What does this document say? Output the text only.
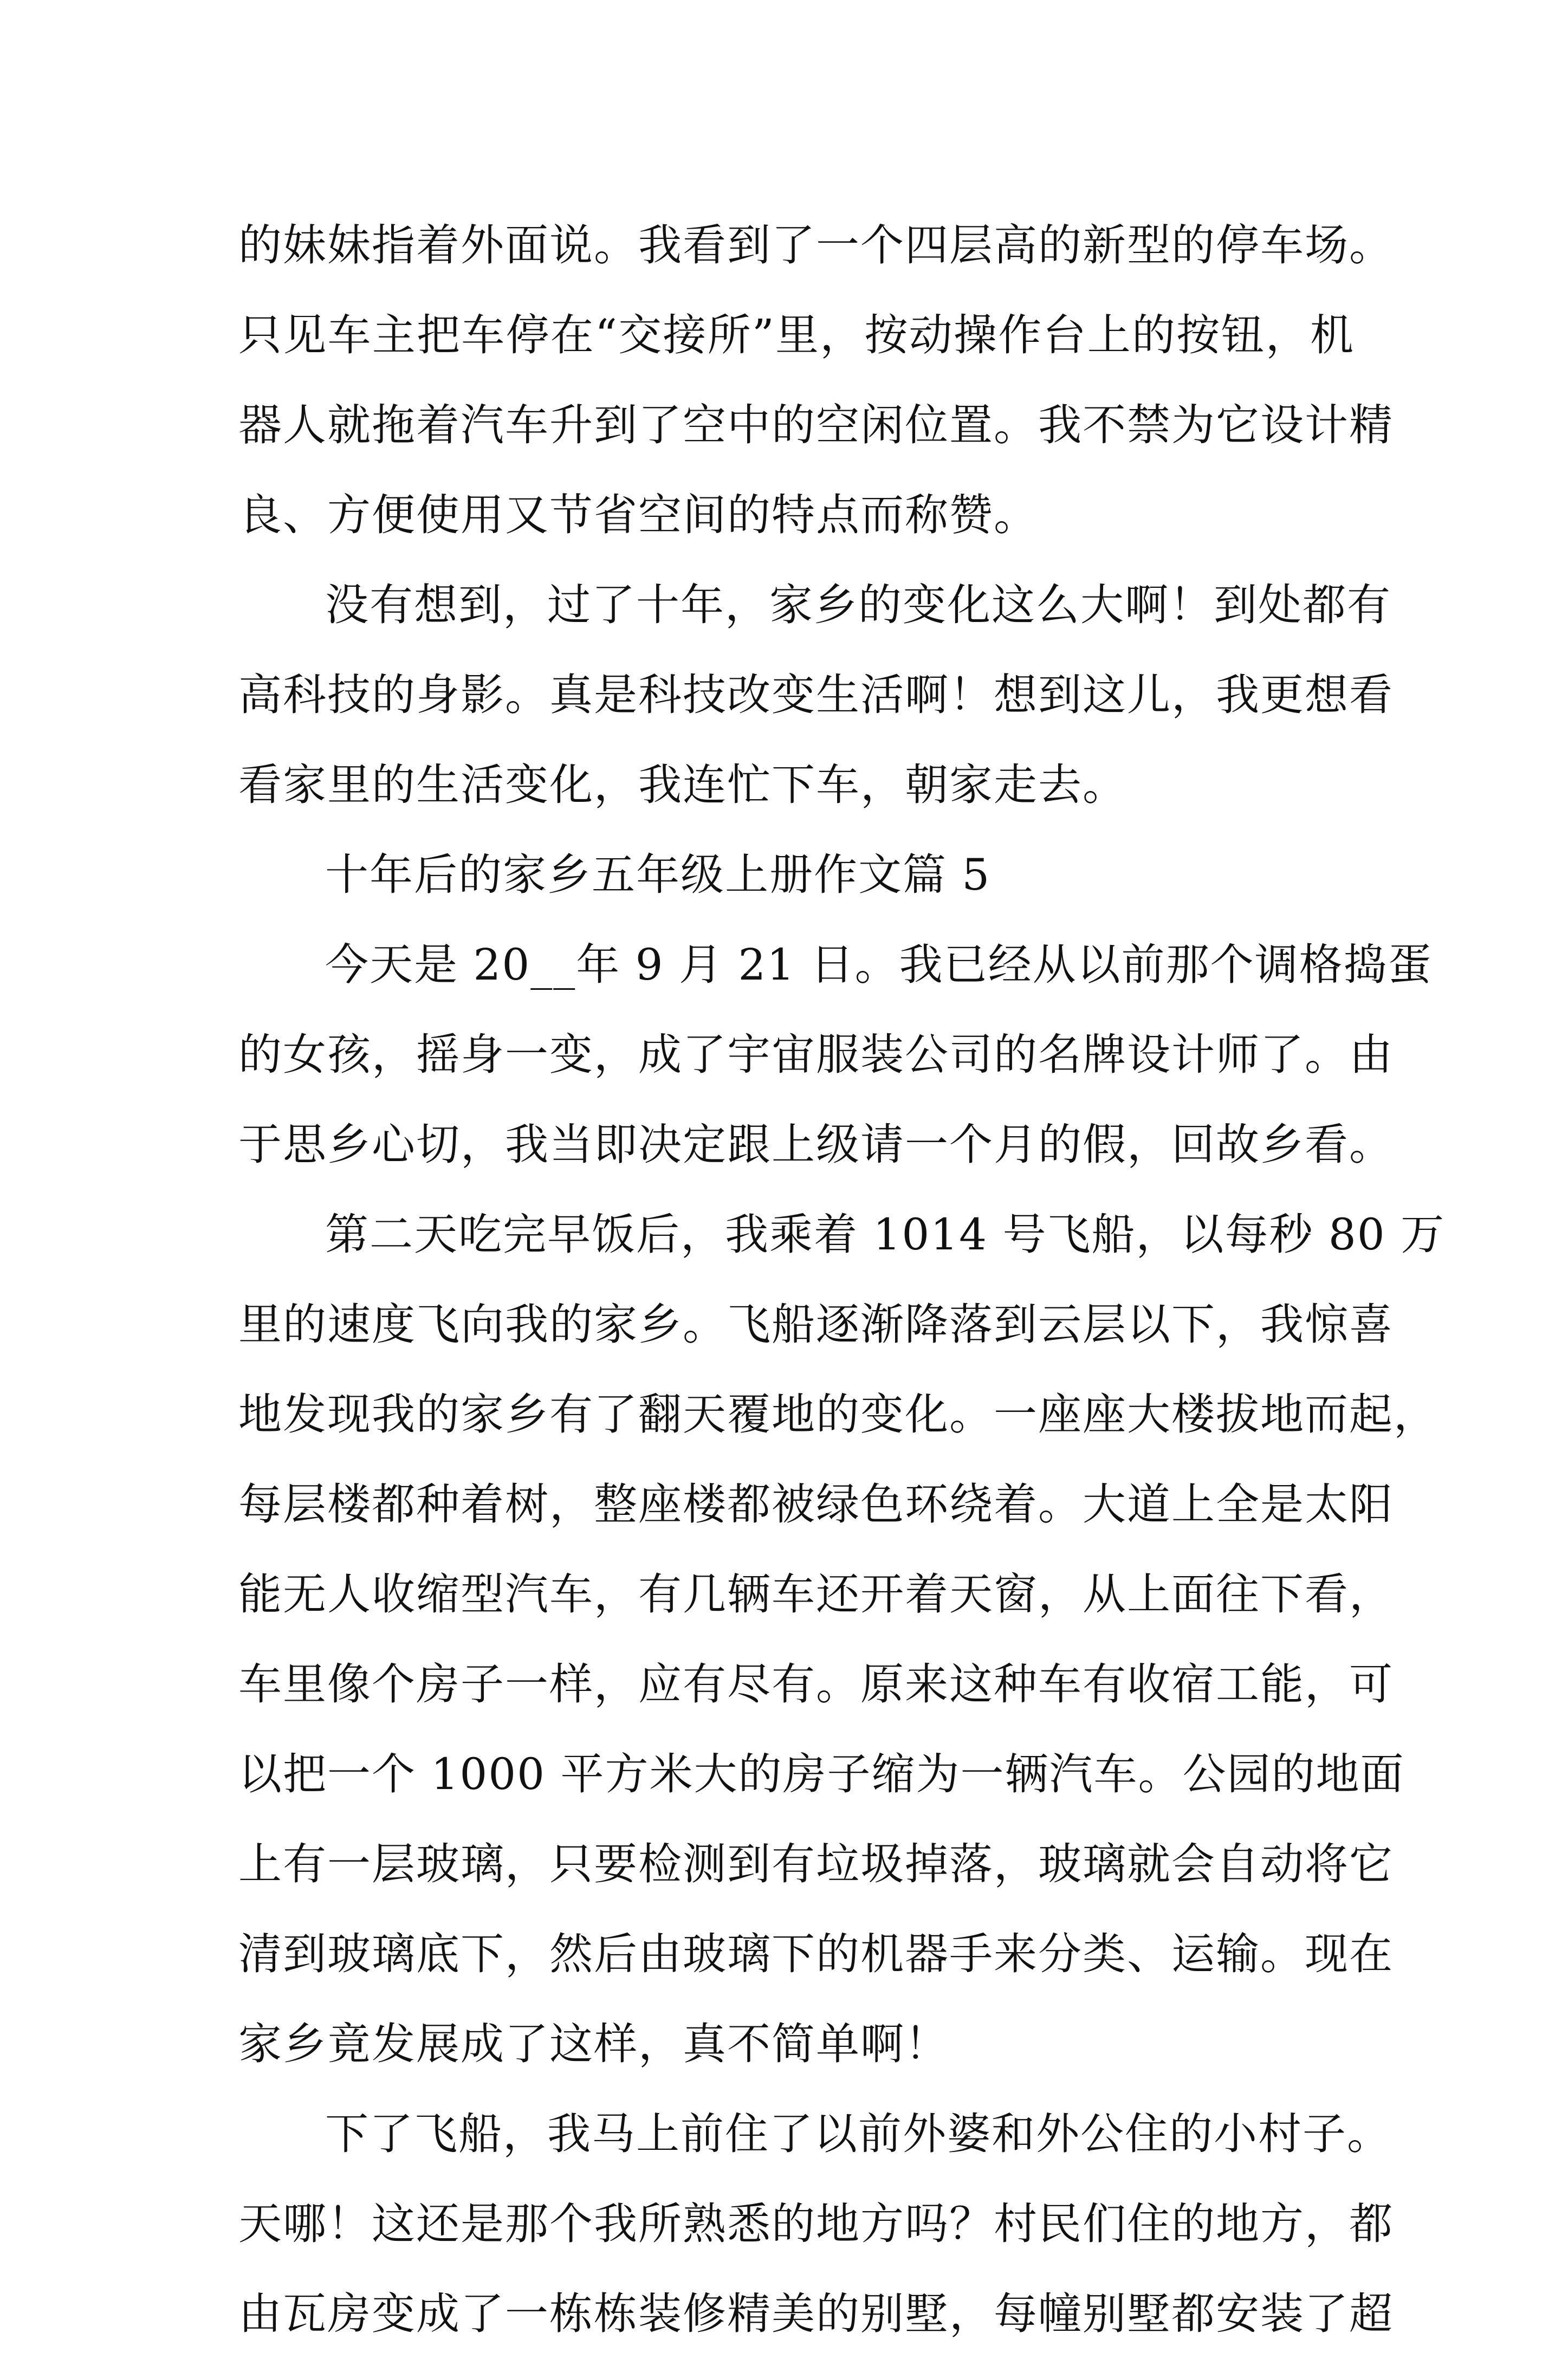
的妹妹指着外面说。我看到了一个四层高的新型的停车场。
只见车主把车停在“交接所”里，按动操作台上的按钮，机
器人就拖着汽车升到了空中的空闲位置。我不禁为它设计精
良、方便使用又节省空间的特点而称赞。
没有想到，过了十年，家乡的变化这么大啊！到处都有
高科技的身影。真是科技改变生活啊！想到这儿，我更想看
看家里的生活变化，我连忙下车，朝家走去。
十年后的家乡五年级上册作文篇 5
今天是 20__年 9 月 21 日。我已经从以前那个调格捣蛋
的女孩，摇身一变，成了宇宙服装公司的名牌设计师了。由
于思乡心切，我当即决定跟上级请一个月的假，回故乡看。
第二天吃完早饭后，我乘着 1014 号飞船，以每秒 80 万
里的速度飞向我的家乡。飞船逐渐降落到云层以下，我惊喜
地发现我的家乡有了翻天覆地的变化。一座座大楼拔地而起，
每层楼都种着树，整座楼都被绿色环绕着。大道上全是太阳
能无人收缩型汽车，有几辆车还开着天窗，从上面往下看，
车里像个房子一样，应有尽有。原来这种车有收宿工能，可
以把一个 1000 平方米大的房子缩为一辆汽车。公园的地面
上有一层玻璃，只要检测到有垃圾掉落，玻璃就会自动将它
清到玻璃底下，然后由玻璃下的机器手来分类、运输。现在
家乡竟发展成了这样，真不简单啊！
下了飞船，我马上前住了以前外婆和外公住的小村子。
天哪！这还是那个我所熟悉的地方吗？村民们住的地方，都
由瓦房变成了一栋栋装修精美的别墅，每幢别墅都安装了超
